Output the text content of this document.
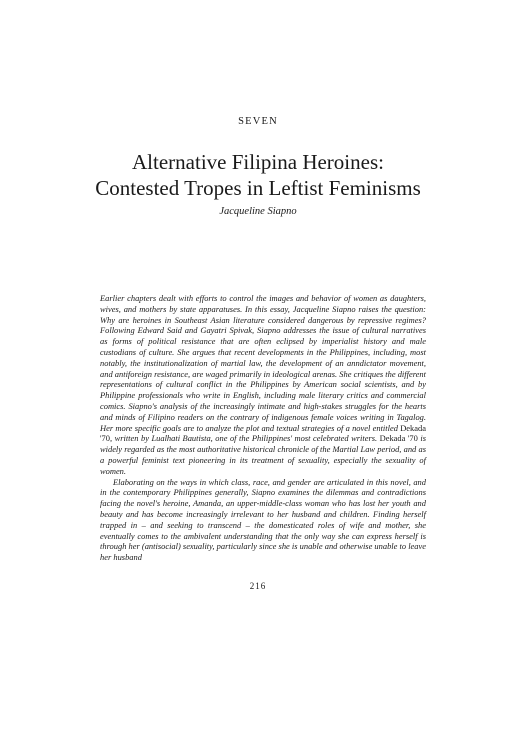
SEVEN
Alternative Filipina Heroines:
Contested Tropes in Leftist Feminisms
Jacqueline Siapno

Earlier chapters dealt with efforts to control the images and behavior of women as daughters, wives, and mothers by state apparatuses. In this essay, Jacqueline Siapno raises the question: Why are heroines in Southeast Asian literature considered dangerous by repressive regimes? Following Edward Said and Gayatri Spivak, Siapno addresses the issue of cultural narratives as forms of political resistance that are often eclipsed by imperialist history and male custodians of culture. She argues that recent developments in the Philippines, including, most notably, the institutionalization of martial law, the development of an anndictator movement, and antiforeign resistance, are waged primarily in ideological arenas. She critiques the different representations of cultural conflict in the Philippines by American social scientists, and by Philippine professionals who write in English, including male literary critics and commercial comics. Siapno's analysis of the increasingly intimate and high-stakes struggles for the hearts and minds of Filipino readers on the contrary of indigenous female voices writing in Tagalog. Her more specific goals are to analyze the plot and textual strategies of a novel entitled Dekada '70, written by Lualhati Bautista, one of the Philippines' most celebrated writers. Dekada '70 is widely regarded as the most authoritative historical chronicle of the Martial Law period, and as a powerful feminist text pioneering in its treatment of sexuality, especially the sexuality of women.

Elaborating on the ways in which class, race, and gender are articulated in this novel, and in the contemporary Philippines generally, Siapno examines the dilemmas and contradictions facing the novel's heroine, Amanda, an upper-middle-class woman who has lost her youth and beauty and has become increasingly irrelevant to her husband and children. Finding herself trapped in – and seeking to transcend – the domesticated roles of wife and mother, she eventually comes to the ambivalent understanding that the only way she can express herself is through her (antisocial) sexuality, particularly since she is unable and otherwise unable to leave her husband

216
